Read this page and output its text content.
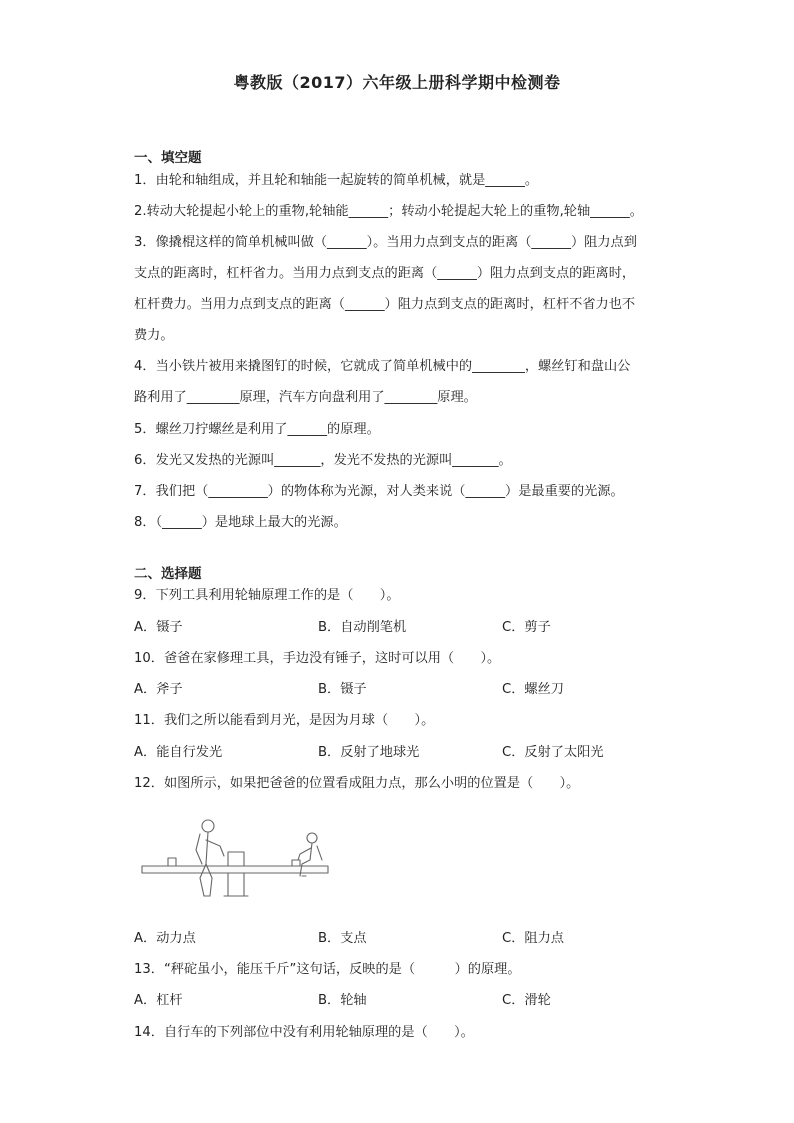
粤教版（2017）六年级上册科学期中检测卷
一、填空题
1．由轮和轴组成，并且轮和轴能一起旋转的简单机械，就是______。
2.转动大轮提起小轮上的重物,轮轴能______；转动小轮提起大轮上的重物,轮轴______。
3．像撬棍这样的简单机械叫做（______）。当用力点到支点的距离（______）阻力点到
支点的距离时，杠杆省力。当用力点到支点的距离（______）阻力点到支点的距离时，
杠杆费力。当用力点到支点的距离（______）阻力点到支点的距离时，杠杆不省力也不
费力。
4．当小铁片被用来撬图钉的时候，它就成了简单机械中的________，螺丝钉和盘山公
路利用了________原理，汽车方向盘利用了________原理。
5．螺丝刀拧螺丝是利用了______的原理。
6．发光又发热的光源叫_______，发光不发热的光源叫_______。
7．我们把（_________）的物体称为光源，对人类来说（______）是最重要的光源。
8．（______）是地球上最大的光源。
二、选择题
9．下列工具利用轮轴原理工作的是（　　）。
A．镊子	B．自动削笔机	C．剪子
10．爸爸在家修理工具，手边没有锤子，这时可以用（　　）。
A．斧子	B．镊子	C．螺丝刀
11．我们之所以能看到月光，是因为月球（　　）。
A．能自行发光	B．反射了地球光	C．反射了太阳光
12．如图所示，如果把爸爸的位置看成阻力点，那么小明的位置是（　　）。
A．动力点	B．支点	C．阻力点
13．“秤砣虽小，能压千斤”这句话，反映的是（　　　）的原理。
A．杠杆	B．轮轴	C．滑轮
14．自行车的下列部位中没有利用轮轴原理的是（　　）。
